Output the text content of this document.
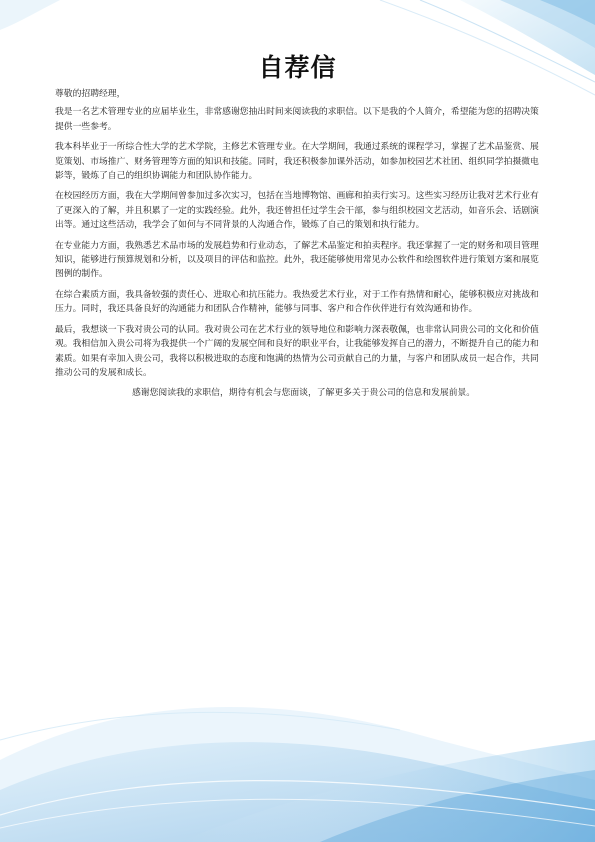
自荐信

尊敬的招聘经理，

我是一名艺术管理专业的应届毕业生，非常感谢您抽出时间来阅读我的求职信。以下是我的个人简介，希望能为您的招聘决策提供一些参考。

我本科毕业于一所综合性大学的艺术学院，主修艺术管理专业。在大学期间，我通过系统的课程学习，掌握了艺术品鉴赏、展览策划、市场推广、财务管理等方面的知识和技能。同时，我还积极参加课外活动，如参加校园艺术社团、组织同学拍摄微电影等，锻炼了自己的组织协调能力和团队协作能力。

在校园经历方面，我在大学期间曾参加过多次实习，包括在当地博物馆、画廊和拍卖行实习。这些实习经历让我对艺术行业有了更深入的了解，并且积累了一定的实践经验。此外，我还曾担任过学生会干部，参与组织校园文艺活动，如音乐会、话剧演出等。通过这些活动，我学会了如何与不同背景的人沟通合作，锻炼了自己的策划和执行能力。

在专业能力方面，我熟悉艺术品市场的发展趋势和行业动态，了解艺术品鉴定和拍卖程序。我还掌握了一定的财务和项目管理知识，能够进行预算规划和分析，以及项目的评估和监控。此外，我还能够使用常见办公软件和绘图软件进行策划方案和展览图例的制作。

在综合素质方面，我具备较强的责任心、进取心和抗压能力。我热爱艺术行业，对于工作有热情和耐心，能够积极应对挑战和压力。同时，我还具备良好的沟通能力和团队合作精神，能够与同事、客户和合作伙伴进行有效沟通和协作。

最后，我想谈一下我对贵公司的认同。我对贵公司在艺术行业的领导地位和影响力深表敬佩，也非常认同贵公司的文化和价值观。我相信加入贵公司将为我提供一个广阔的发展空间和良好的职业平台，让我能够发挥自己的潜力，不断提升自己的能力和素质。如果有幸加入贵公司，我将以积极进取的态度和饱满的热情为公司贡献自己的力量，与客户和团队成员一起合作，共同推动公司的发展和成长。

感谢您阅读我的求职信，期待有机会与您面谈，了解更多关于贵公司的信息和发展前景。
